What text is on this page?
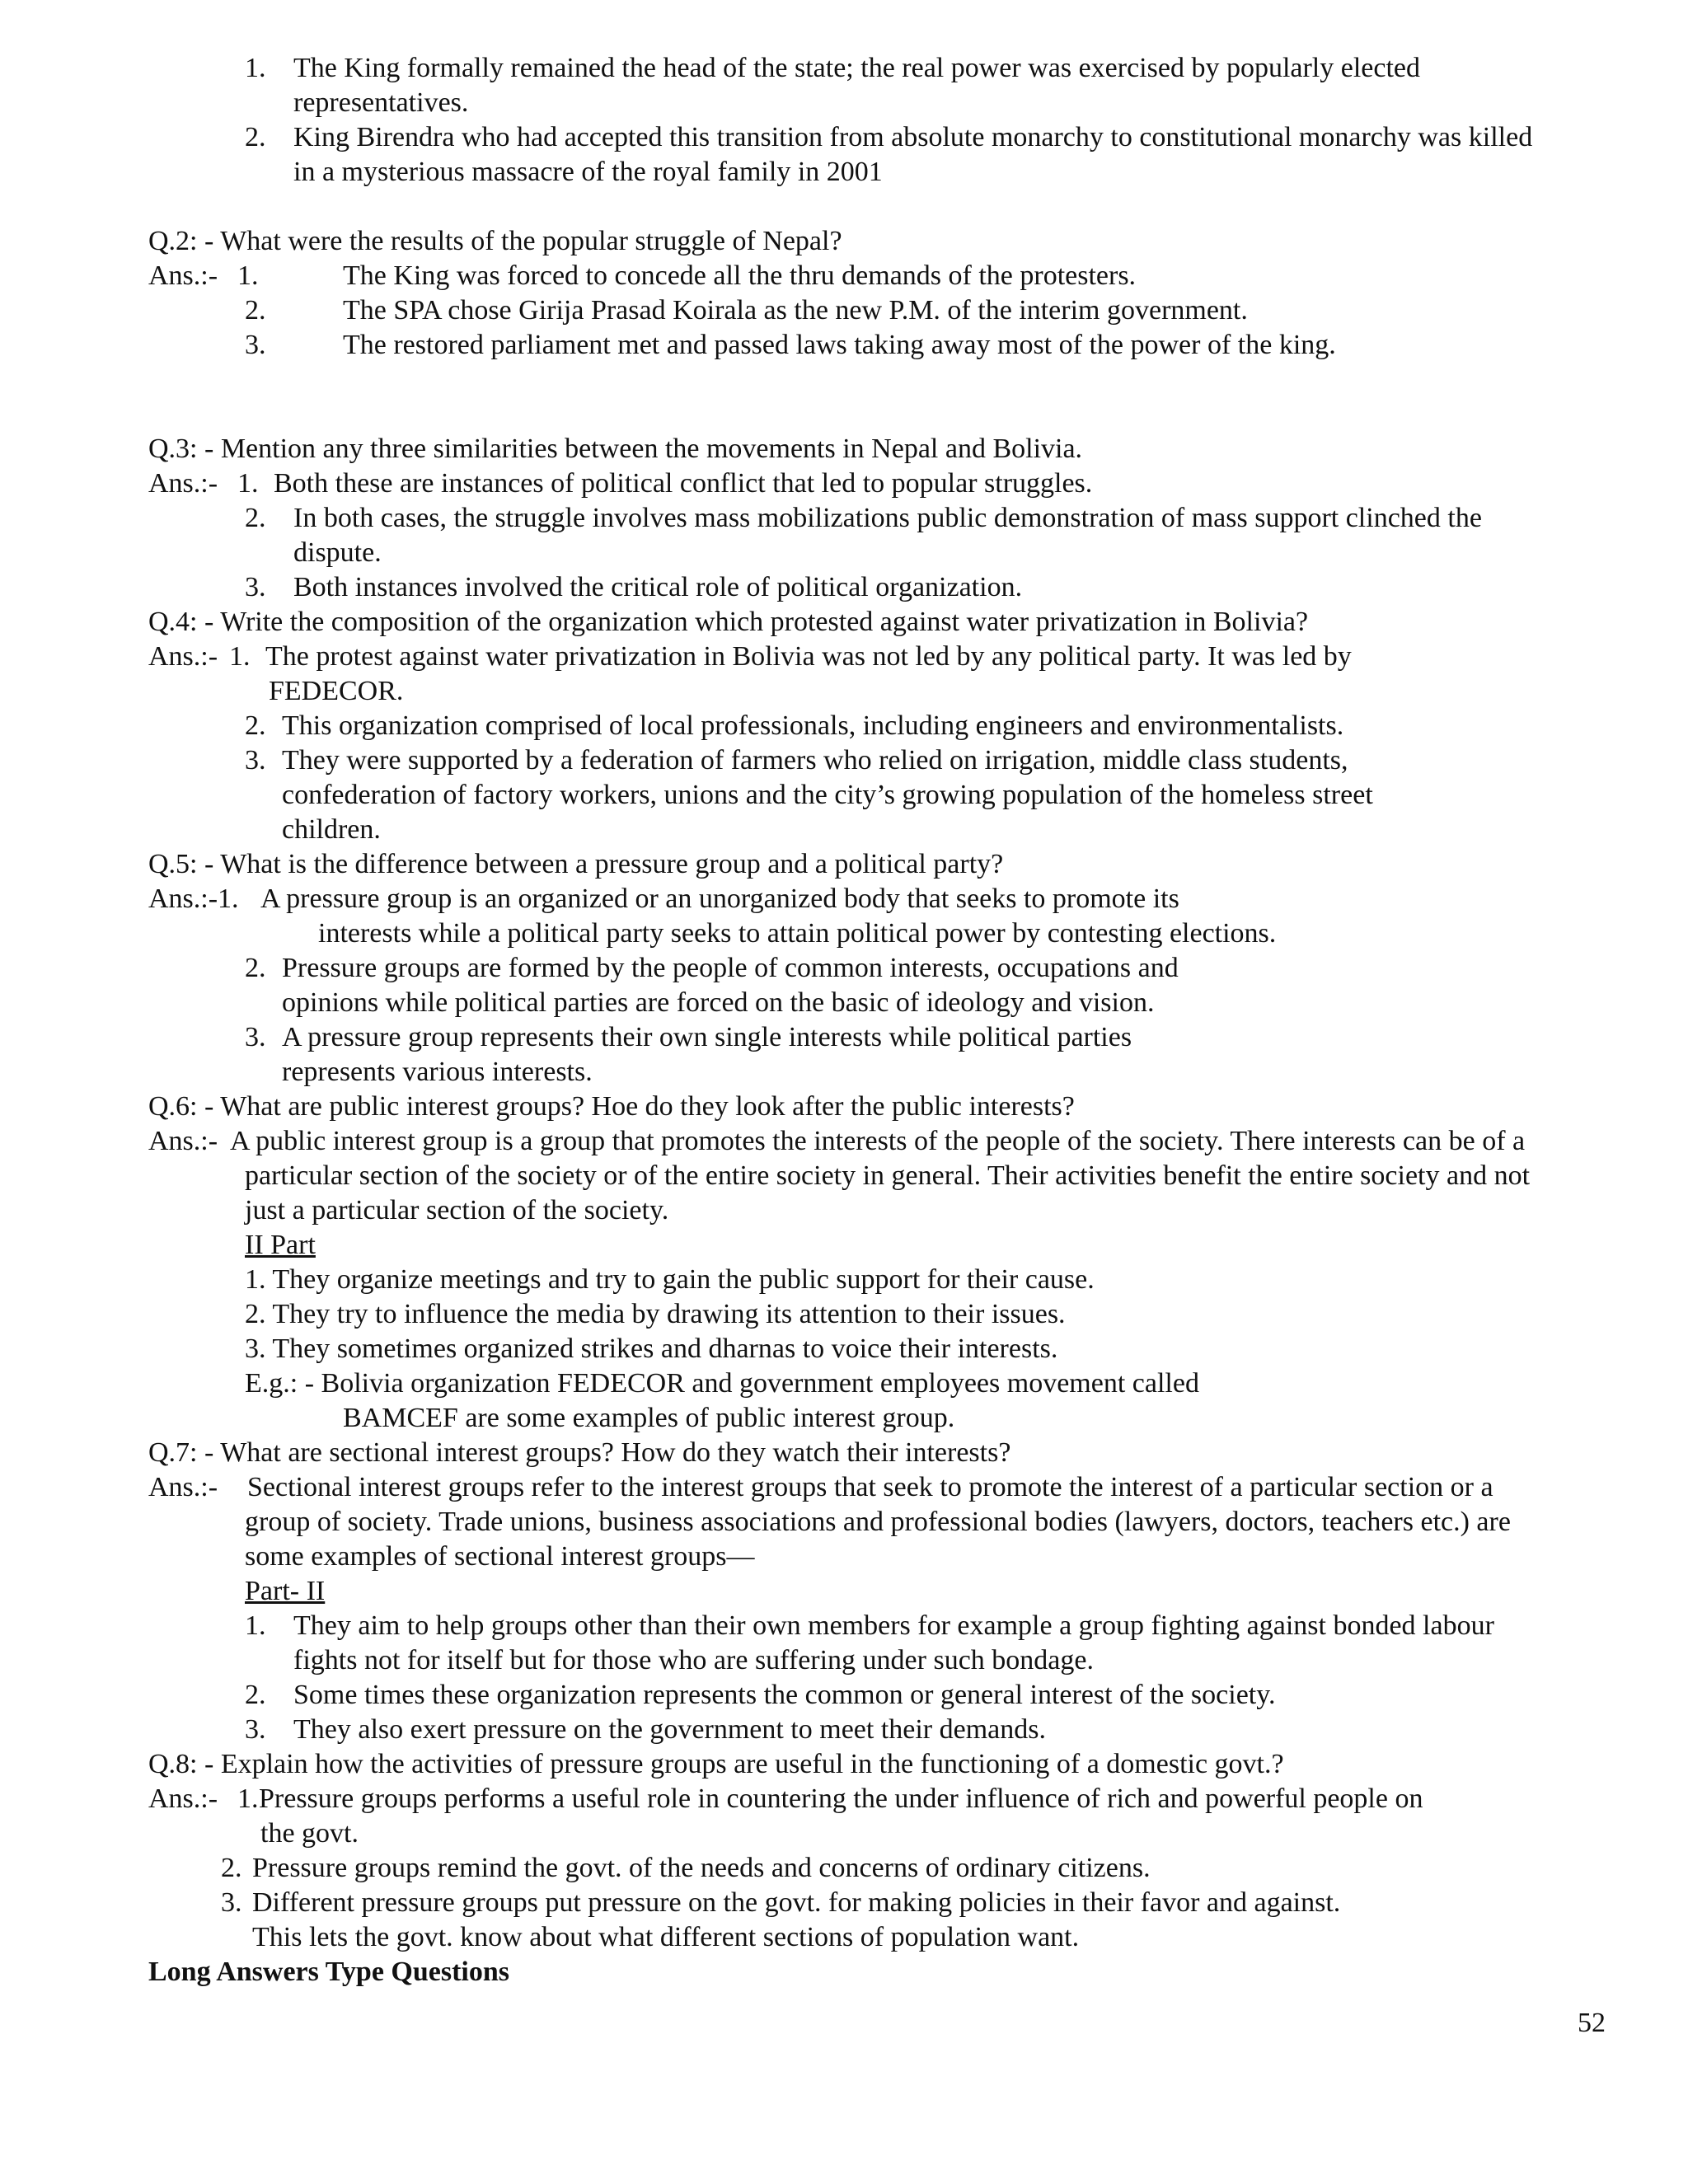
1. The King formally remained the head of the state; the real power was exercised by popularly elected
representatives.
2. King Birendra who had accepted this transition from absolute monarchy to constitutional monarchy was killed
in a mysterious massacre of the royal family in 2001
Q.2: - What were the results of the popular struggle of Nepal?
Ans.:- 1.	The King was forced to concede all the thru demands of the protesters.
2.	The SPA chose Girija Prasad Koirala as the new P.M. of the interim government.
3.	The restored parliament met and passed laws taking away most of the power of the king.
Q.3: - Mention any three similarities between the movements in Nepal and Bolivia.
Ans.:- 1. Both these are instances of political conflict that led to popular struggles.
2. In both cases, the struggle involves mass mobilizations public demonstration of mass support clinched the
dispute.
3. Both instances involved the critical role of political organization.
Q.4: - Write the composition of the organization which protested against water privatization in Bolivia?
Ans.:- 1. The protest against water privatization in Bolivia was not led by any political party. It was led by
FEDECOR.
2. This organization comprised of local professionals, including engineers and environmentalists.
3. They were supported by a federation of farmers who relied on irrigation, middle class students,
confederation of factory workers, unions and the city’s growing population of the homeless street
children.
Q.5: - What is the difference between a pressure group and a political party?
Ans.:-1. A pressure group is an organized or an unorganized body that seeks to promote its
interests while a political party seeks to attain political power by contesting elections.
2. Pressure groups are formed by the people of common interests, occupations and
opinions while political parties are forced on the basic of ideology and vision.
3. A pressure group represents their own single interests while political parties
represents various interests.
Q.6: - What are public interest groups? Hoe do they look after the public interests?
Ans.:- A public interest group is a group that promotes the interests of the people of the society. There interests can be of a
particular section of the society or of the entire society in general. Their activities benefit the entire society and not
just a particular section of the society.
II Part
1. They organize meetings and try to gain the public support for their cause.
2. They try to influence the media by drawing its attention to their issues.
3. They sometimes organized strikes and dharnas to voice their interests.
E.g.: - Bolivia organization FEDECOR and government employees movement called
BAMCEF are some examples of public interest group.
Q.7: - What are sectional interest groups? How do they watch their interests?
Ans.:- Sectional interest groups refer to the interest groups that seek to promote the interest of a particular section or a
group of society. Trade unions, business associations and professional bodies (lawyers, doctors, teachers etc.) are
some examples of sectional interest groups—
Part- II
1. They aim to help groups other than their own members for example a group fighting against bonded labour
fights not for itself but for those who are suffering under such bondage.
2. Some times these organization represents the common or general interest of the society.
3. They also exert pressure on the government to meet their demands.
Q.8: - Explain how the activities of pressure groups are useful in the functioning of a domestic govt.?
Ans.:- 1. Pressure groups performs a useful role in countering the under influence of rich and powerful people on
the govt.
2. Pressure groups remind the govt. of the needs and concerns of ordinary citizens.
3. Different pressure groups put pressure on the govt. for making policies in their favor and against.
This lets the govt. know about what different sections of population want.
Long Answers Type Questions
52
